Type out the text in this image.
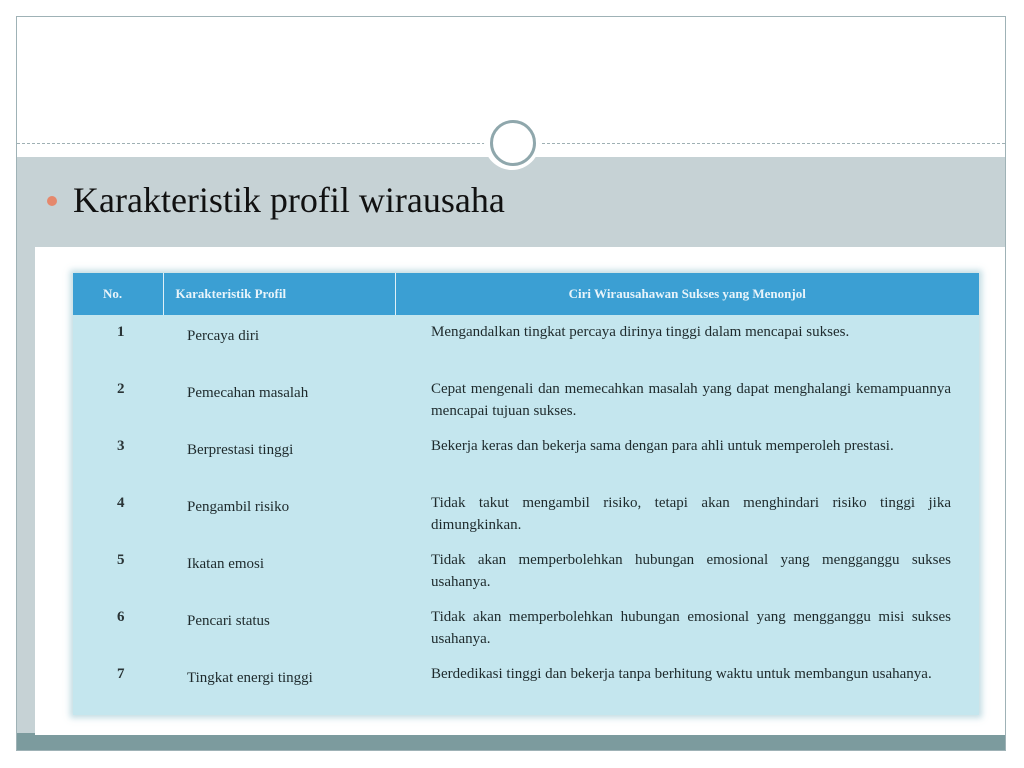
Karakteristik profil wirausaha
No.	Karakteristik Profil	Ciri Wirausahawan Sukses yang Menonjol
1	Percaya diri	Mengandalkan tingkat percaya dirinya tinggi dalam mencapai sukses.
2	Pemecahan masalah	Cepat mengenali dan memecahkan masalah yang dapat menghalangi kemampuannya mencapai tujuan sukses.
3	Berprestasi tinggi	Bekerja keras dan bekerja sama dengan para ahli untuk memperoleh prestasi.
4	Pengambil risiko	Tidak takut mengambil risiko, tetapi akan menghindari risiko tinggi jika dimungkinkan.
5	Ikatan emosi	Tidak akan memperbolehkan hubungan emosional yang mengganggu sukses usahanya.
6	Pencari status	Tidak akan memperbolehkan hubungan emosional yang mengganggu misi sukses usahanya.
7	Tingkat energi tinggi	Berdedikasi tinggi dan bekerja tanpa berhitung waktu untuk membangun usahanya.
